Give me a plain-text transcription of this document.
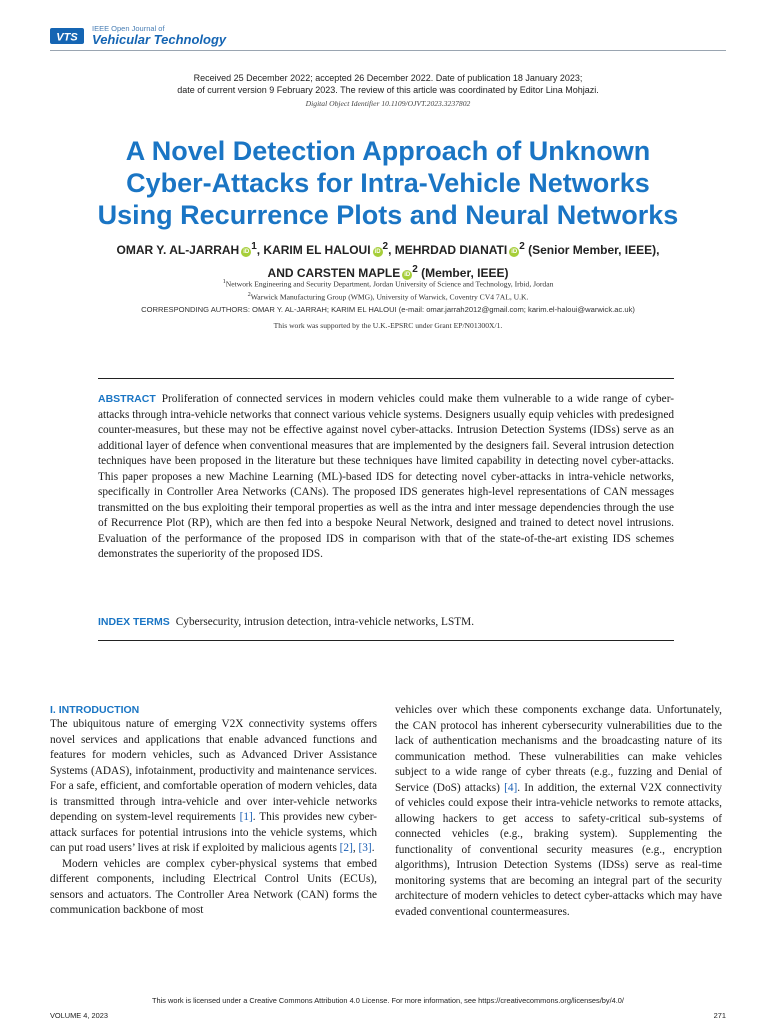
VTS
IEEE Open Journal of
Vehicular Technology
Received 25 December 2022; accepted 26 December 2022. Date of publication 18 January 2023;
date of current version 9 February 2023. The review of this article was coordinated by Editor Lina Mohjazi.
Digital Object Identifier 10.1109/OJVT.2023.3237802
A Novel Detection Approach of Unknown
Cyber-Attacks for Intra-Vehicle Networks
Using Recurrence Plots and Neural Networks
OMAR Y. AL-JARRAH iD $^1$, KARIM EL HALOUI iD $^2$, MEHRDAD DIANATI iD $^2$ (Senior Member, IEEE),
AND CARSTEN MAPLE iD $^2$ (Member, IEEE)
$^1$Network Engineering and Security Department, Jordan University of Science and Technology, Irbid, Jordan
$^2$Warwick Manufacturing Group (WMG), University of Warwick, Coventry CV4 7AL, U.K.
CORRESPONDING AUTHORS: OMAR Y. AL-JARRAH; KARIM EL HALOUI (e-mail: omar.jarrah2012@gmail.com; karim.el-haloui@warwick.ac.uk)
This work was supported by the U.K.-EPSRC under Grant EP/N01300X/1.
ABSTRACT Proliferation of connected services in modern vehicles could make them vulnerable to a wide range of cyber-attacks through intra-vehicle networks that connect various vehicle systems. Designers usually equip vehicles with predesigned counter-measures, but these may not be effective against novel cyber-attacks. Intrusion Detection Systems (IDSs) serve as an additional layer of defence when conventional measures that are implemented by the designers fail. Several intrusion detection techniques have been proposed in the literature but these techniques have limited capability in detecting novel cyber-attacks. This paper proposes a new Machine Learning (ML)-based IDS for detecting novel cyber-attacks in intra-vehicle networks, specifically in Controller Area Networks (CANs). The proposed IDS generates high-level representations of CAN messages transmitted on the bus exploiting their temporal properties as well as the intra and inter message dependencies through the use of Recurrence Plot (RP), which are then fed into a bespoke Neural Network, designed and trained to detect novel intrusions. Evaluation of the performance of the proposed IDS in comparison with that of the state-of-the-art existing IDS schemes demonstrates the superiority of the proposed IDS.
INDEX TERMS Cybersecurity, intrusion detection, intra-vehicle networks, LSTM.
I. INTRODUCTION

The ubiquitous nature of emerging V2X connectivity systems offers novel services and applications that enable advanced functions and features for modern vehicles, such as Advanced Driver Assistance Systems (ADAS), infotainment, productivity and maintenance services. For a safe, efficient, and comfortable operation of modern vehicles, data is transmitted through intra-vehicle and over inter-vehicle networks depending on system-level requirements [1]. This provides new cyber-attack surfaces for potential intrusions into the vehicle systems, which can put road users’ lives at risk if exploited by malicious agents [2], [3].

Modern vehicles are complex cyber-physical systems that embed different components, including Electrical Control Units (ECUs), sensors and actuators. The Controller Area Network (CAN) forms the communication backbone of most

vehicles over which these components exchange data. Unfortunately, the CAN protocol has inherent cybersecurity vulnerabilities due to the lack of authentication mechanisms and the broadcasting nature of its communication method. These vulnerabilities can make vehicles subject to a wide range of cyber threats (e.g., fuzzing and Denial of Service (DoS) attacks) [4]. In addition, the external V2X connectivity of vehicles could expose their intra-vehicle networks to remote attacks, allowing hackers to get access to safety-critical sub-systems of connected vehicles (e.g., braking system). Supplementing the functionality of conventional security measures (e.g., encryption algorithms), Intrusion Detection Systems (IDSs) serve as real-time monitoring systems that are becoming an integral part of the security architecture of modern vehicles to detect cyber-attacks which may have evaded conventional countermeasures.

This work is licensed under a Creative Commons Attribution 4.0 License. For more information, see https://creativecommons.org/licenses/by/4.0/
VOLUME 4, 2023	271
